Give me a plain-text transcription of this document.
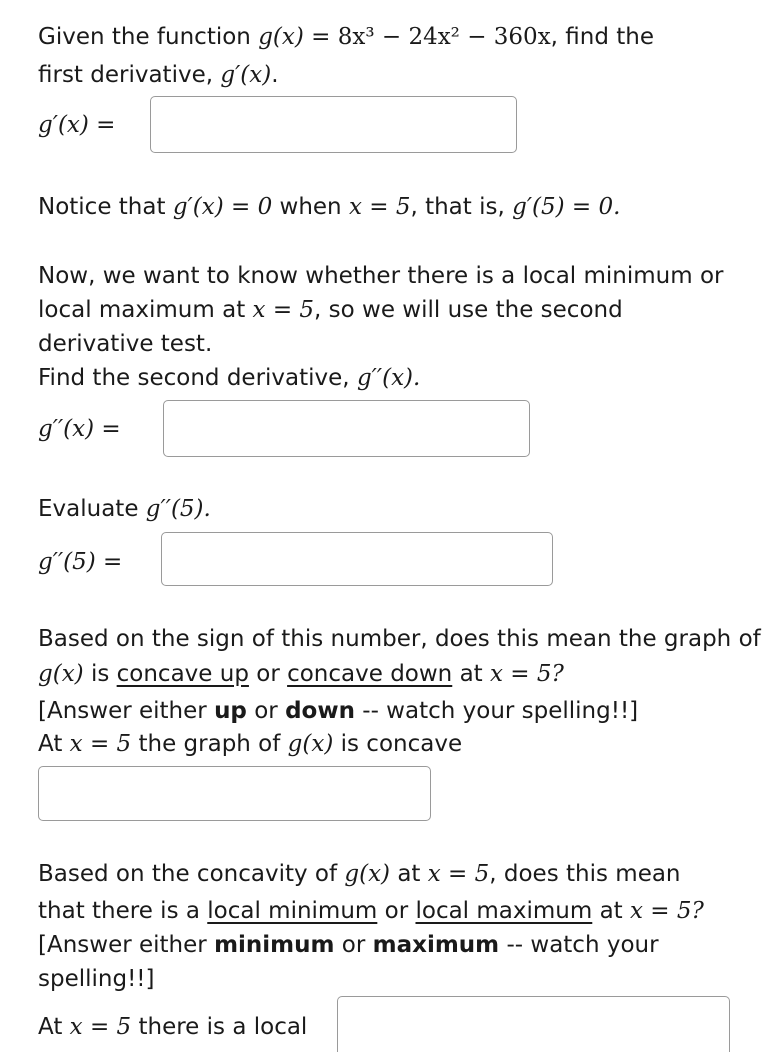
Given the function g(x) = 8x³ − 24x² − 360x, find the
first derivative, g′(x).
g′(x) =
Notice that g′(x) = 0 when x = 5, that is, g′(5) = 0.
Now, we want to know whether there is a local minimum or
local maximum at x = 5, so we will use the second
derivative test.
Find the second derivative, g′′(x).
g′′(x) =
Evaluate g′′(5).
g′′(5) =
Based on the sign of this number, does this mean the graph of
g(x) is concave up or concave down at x = 5?
[Answer either up or down -- watch your spelling!!]
At x = 5 the graph of g(x) is concave
Based on the concavity of g(x) at x = 5, does this mean
that there is a local minimum or local maximum at x = 5?
[Answer either minimum or maximum -- watch your
spelling!!]
At x = 5 there is a local
